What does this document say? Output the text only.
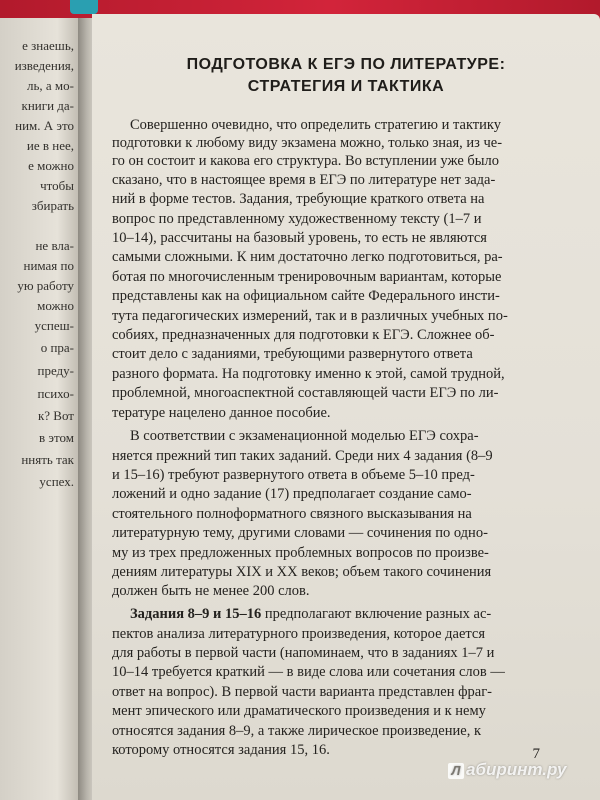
е знаешь,
изведения,
ль, а мо-
книги да-
ним. А это
ие в нее,
е можно
чтобы
збирать
не вла-
нимая по
ую работу
можно
успеш-
о пра-
преду-
психо-
к? Вот
в этом
ннять так
успех.
ПОДГОТОВКА К ЕГЭ ПО ЛИТЕРАТУРЕ:
СТРАТЕГИЯ И ТАКТИКА
Совершенно очевидно, что определить стратегию и тактику
подготовки к любому виду экзамена можно, только зная, из че-
го он состоит и какова его структура. Во вступлении уже было
сказано, что в настоящее время в ЕГЭ по литературе нет зада-
ний в форме тестов. Задания, требующие краткого ответа на
вопрос по представленному художественному тексту (1–7 и
10–14), рассчитаны на базовый уровень, то есть не являются
самыми сложными. К ним достаточно легко подготовиться, ра-
ботая по многочисленным тренировочным вариантам, которые
представлены как на официальном сайте Федерального инсти-
тута педагогических измерений, так и в различных учебных по-
собиях, предназначенных для подготовки к ЕГЭ. Сложнее об-
стоит дело с заданиями, требующими развернутого ответа
разного формата. На подготовку именно к этой, самой трудной,
проблемной, многоаспектной составляющей части ЕГЭ по ли-
тературе нацелено данное пособие.
В соответствии с экзаменационной моделью ЕГЭ сохра-
няется прежний тип таких заданий. Среди них 4 задания (8–9
и 15–16) требуют развернутого ответа в объеме 5–10 пред-
ложений и одно задание (17) предполагает создание само-
стоятельного полноформатного связного высказывания на
литературную тему, другими словами — сочинения по одно-
му из трех предложенных проблемных вопросов по произве-
дениям литературы XIX и XX веков; объем такого сочинения
должен быть не менее 200 слов.
Задания 8–9 и 15–16 предполагают включение разных ас-
пектов анализа литературного произведения, которое дается
для работы в первой части (напоминаем, что в заданиях 1–7 и
10–14 требуется краткий — в виде слова или сочетания слов —
ответ на вопрос). В первой части варианта представлен фраг-
мент эпического или драматического произведения и к нему
относятся задания 8–9, а также лирическое произведение, к
которому относятся задания 15, 16.	7
Л абиринт.ру
